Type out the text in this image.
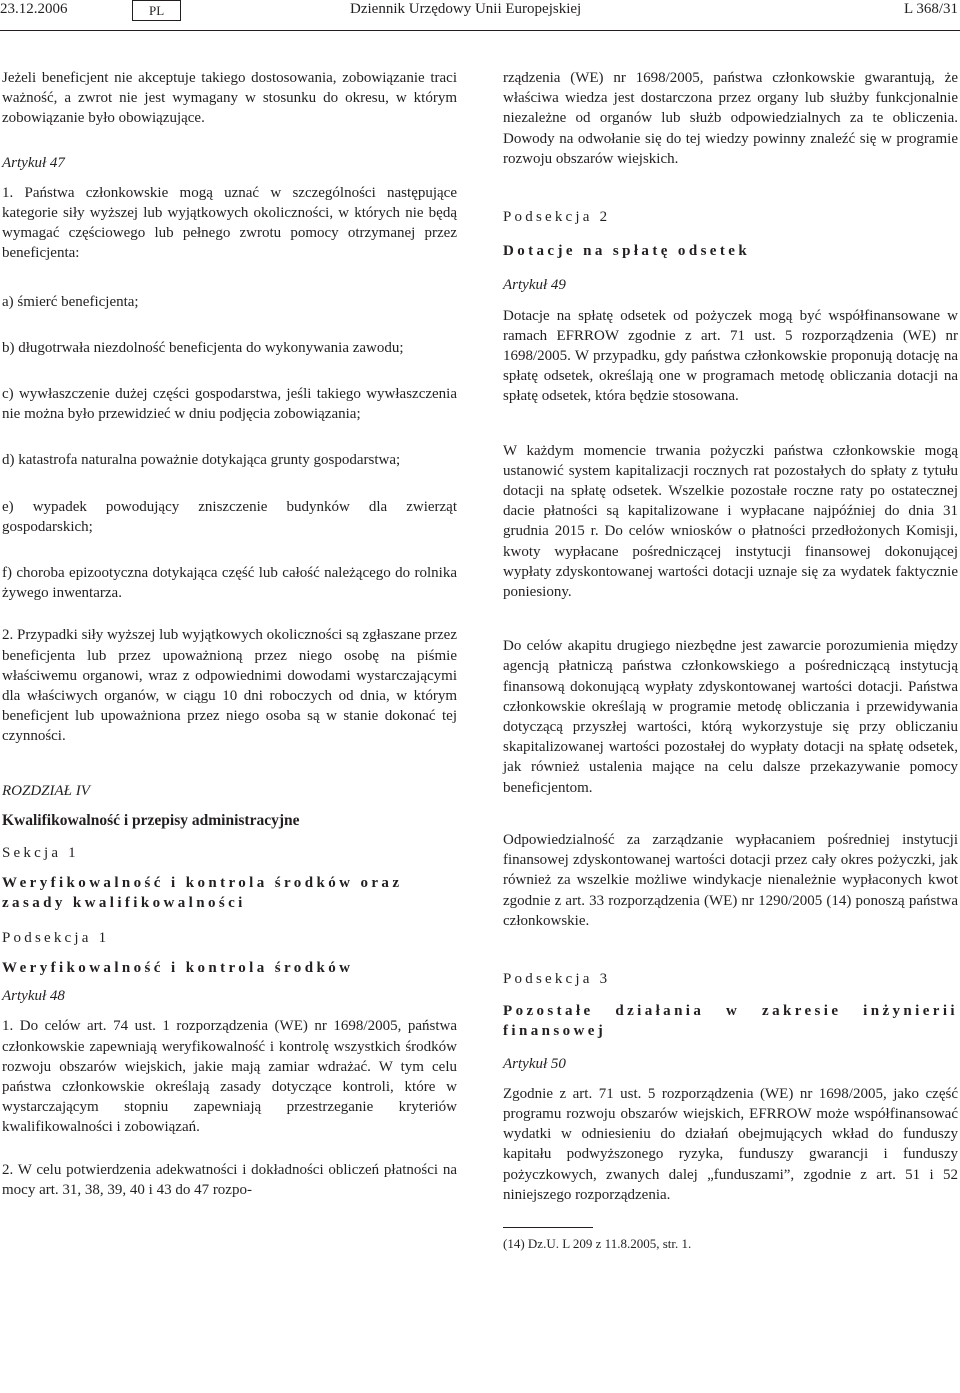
23.12.2006	PL	Dziennik Urzędowy Unii Europejskiej	L 368/31

Jeżeli beneficjent nie akceptuje takiego dostosowania, zobowiązanie traci ważność, a zwrot nie jest wymagany w stosunku do okresu, w którym zobowiązanie było obowiązujące.

Artykuł 47

1. Państwa członkowskie mogą uznać w szczególności następujące kategorie siły wyższej lub wyjątkowych okoliczności, w których nie będą wymagać częściowego lub pełnego zwrotu pomocy otrzymanej przez beneficjenta:

a) śmierć beneficjenta;

b) długotrwała niezdolność beneficjenta do wykonywania zawodu;

c) wywłaszczenie dużej części gospodarstwa, jeśli takiego wywłaszczenia nie można było przewidzieć w dniu podjęcia zobowiązania;

d) katastrofa naturalna poważnie dotykająca grunty gospodarstwa;

e) wypadek powodujący zniszczenie budynków dla zwierząt gospodarskich;

f) choroba epizootyczna dotykająca część lub całość należącego do rolnika żywego inwentarza.

2. Przypadki siły wyższej lub wyjątkowych okoliczności są zgłaszane przez beneficjenta lub przez upoważnioną przez niego osobę na piśmie właściwemu organowi, wraz z odpowiednimi dowodami wystarczającymi dla właściwych organów, w ciągu 10 dni roboczych od dnia, w którym beneficjent lub upoważniona przez niego osoba są w stanie dokonać tej czynności.

ROZDZIAŁ IV

Kwalifikowalność i przepisy administracyjne

Sekcja 1

Weryfikowalność i kontrola środków oraz

zasady kwalifikowalności

Podsekcja 1

Weryfikowalność i kontrola środków

Artykuł 48

1. Do celów art. 74 ust. 1 rozporządzenia (WE) nr 1698/2005, państwa członkowskie zapewniają weryfikowalność i kontrolę wszystkich środków rozwoju obszarów wiejskich, jakie mają zamiar wdrażać. W tym celu państwa członkowskie określają zasady dotyczące kontroli, które w wystarczającym stopniu zapewniają przestrzeganie kryteriów kwalifikowalności i zobowiązań.

2. W celu potwierdzenia adekwatności i dokładności obliczeń płatności na mocy art. 31, 38, 39, 40 i 43 do 47 rozpo-

rządzenia (WE) nr 1698/2005, państwa członkowskie gwarantują, że właściwa wiedza jest dostarczona przez organy lub służby funkcjonalnie niezależne od organów lub służb odpowiedzialnych za te obliczenia. Dowody na odwołanie się do tej wiedzy powinny znaleźć się w programie rozwoju obszarów wiejskich.

Podsekcja 2

Dotacje na spłatę odsetek

Artykuł 49

Dotacje na spłatę odsetek od pożyczek mogą być współfinansowane w ramach EFRROW zgodnie z art. 71 ust. 5 rozporządzenia (WE) nr 1698/2005. W przypadku, gdy państwa członkowskie proponują dotację na spłatę odsetek, określają one w programach metodę obliczania dotacji na spłatę odsetek, która będzie stosowana.

W każdym momencie trwania pożyczki państwa członkowskie mogą ustanowić system kapitalizacji rocznych rat pozostałych do spłaty z tytułu dotacji na spłatę odsetek. Wszelkie pozostałe roczne raty po ostatecznej dacie płatności są kapitalizowane i wypłacane najpóźniej do dnia 31 grudnia 2015 r. Do celów wniosków o płatności przedłożonych Komisji, kwoty wypłacane pośredniczącej instytucji finansowej dokonującej wypłaty zdyskontowanej wartości dotacji uznaje się za wydatek faktycznie poniesiony.

Do celów akapitu drugiego niezbędne jest zawarcie porozumienia między agencją płatniczą państwa członkowskiego a pośredniczącą instytucją finansową dokonującą wypłaty zdyskontowanej wartości dotacji. Państwa członkowskie określają w programie metodę obliczania i przewidywania dotyczącą przyszłej wartości, którą wykorzystuje się przy obliczaniu skapitalizowanej wartości pozostałej do wypłaty dotacji na spłatę odsetek, jak również ustalenia mające na celu dalsze przekazywanie pomocy beneficjentom.

Odpowiedzialność za zarządzanie wypłacaniem pośredniej instytucji finansowej zdyskontowanej wartości dotacji przez cały okres pożyczki, jak również za wszelkie możliwe windykacje nienależnie wypłaconych kwot zgodnie z art. 33 rozporządzenia (WE) nr 1290/2005 (14) ponoszą państwa członkowskie.

Podsekcja 3

Pozostałe działania w zakresie inżynierii finansowej

Artykuł 50

Zgodnie z art. 71 ust. 5 rozporządzenia (WE) nr 1698/2005, jako część programu rozwoju obszarów wiejskich, EFRROW może współfinansować wydatki w odniesieniu do działań obejmujących wkład do funduszy kapitału podwyższonego ryzyka, funduszy gwarancji i funduszy pożyczkowych, zwanych dalej „funduszami”, zgodnie z art. 51 i 52 niniejszego rozporządzenia.

(14) Dz.U. L 209 z 11.8.2005, str. 1.
